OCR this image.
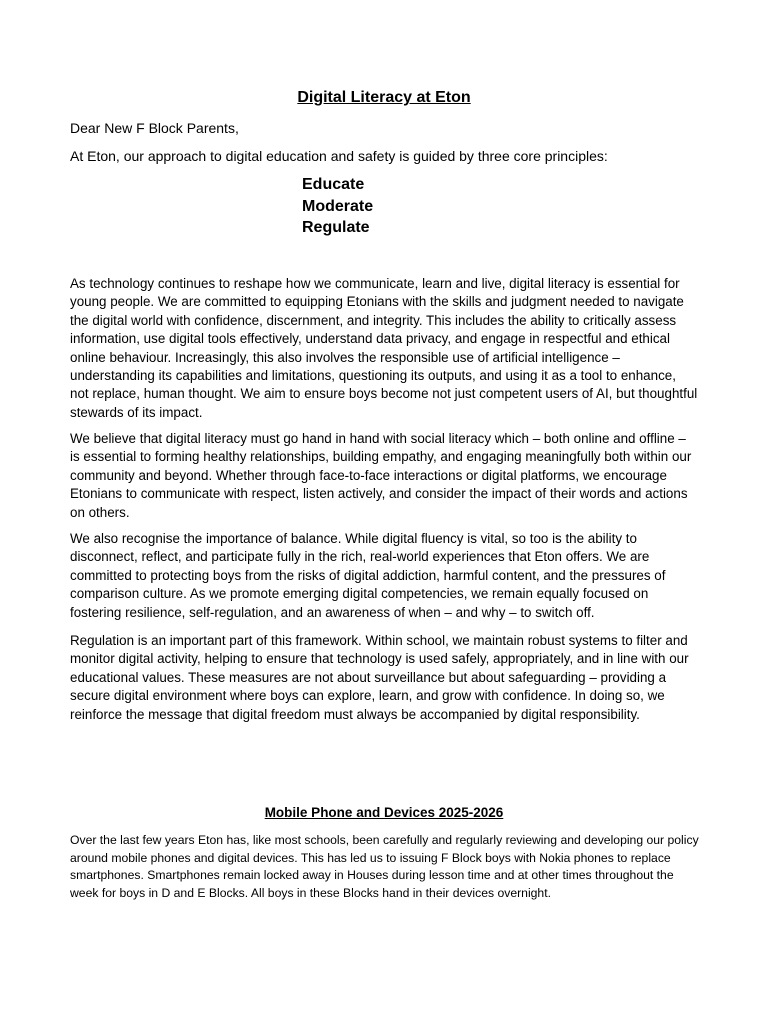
Digital Literacy at Eton
Dear New F Block Parents,
At Eton, our approach to digital education and safety is guided by three core principles:
Educate
Moderate
Regulate

As technology continues to reshape how we communicate, learn and live, digital literacy is essential for young people. We are committed to equipping Etonians with the skills and judgment needed to navigate the digital world with confidence, discernment, and integrity. This includes the ability to critically assess information, use digital tools effectively, understand data privacy, and engage in respectful and ethical online behaviour. Increasingly, this also involves the responsible use of artificial intelligence – understanding its capabilities and limitations, questioning its outputs, and using it as a tool to enhance, not replace, human thought. We aim to ensure boys become not just competent users of AI, but thoughtful stewards of its impact.

We believe that digital literacy must go hand in hand with social literacy which – both online and offline – is essential to forming healthy relationships, building empathy, and engaging meaningfully both within our community and beyond. Whether through face-to-face interactions or digital platforms, we encourage Etonians to communicate with respect, listen actively, and consider the impact of their words and actions on others.

We also recognise the importance of balance. While digital fluency is vital, so too is the ability to disconnect, reflect, and participate fully in the rich, real-world experiences that Eton offers. We are committed to protecting boys from the risks of digital addiction, harmful content, and the pressures of comparison culture. As we promote emerging digital competencies, we remain equally focused on fostering resilience, self-regulation, and an awareness of when – and why – to switch off.

Regulation is an important part of this framework. Within school, we maintain robust systems to filter and monitor digital activity, helping to ensure that technology is used safely, appropriately, and in line with our educational values. These measures are not about surveillance but about safeguarding – providing a secure digital environment where boys can explore, learn, and grow with confidence. In doing so, we reinforce the message that digital freedom must always be accompanied by digital responsibility.

Mobile Phone and Devices 2025-2026

Over the last few years Eton has, like most schools, been carefully and regularly reviewing and developing our policy around mobile phones and digital devices. This has led us to issuing F Block boys with Nokia phones to replace smartphones. Smartphones remain locked away in Houses during lesson time and at other times throughout the week for boys in D and E Blocks. All boys in these Blocks hand in their devices overnight.
